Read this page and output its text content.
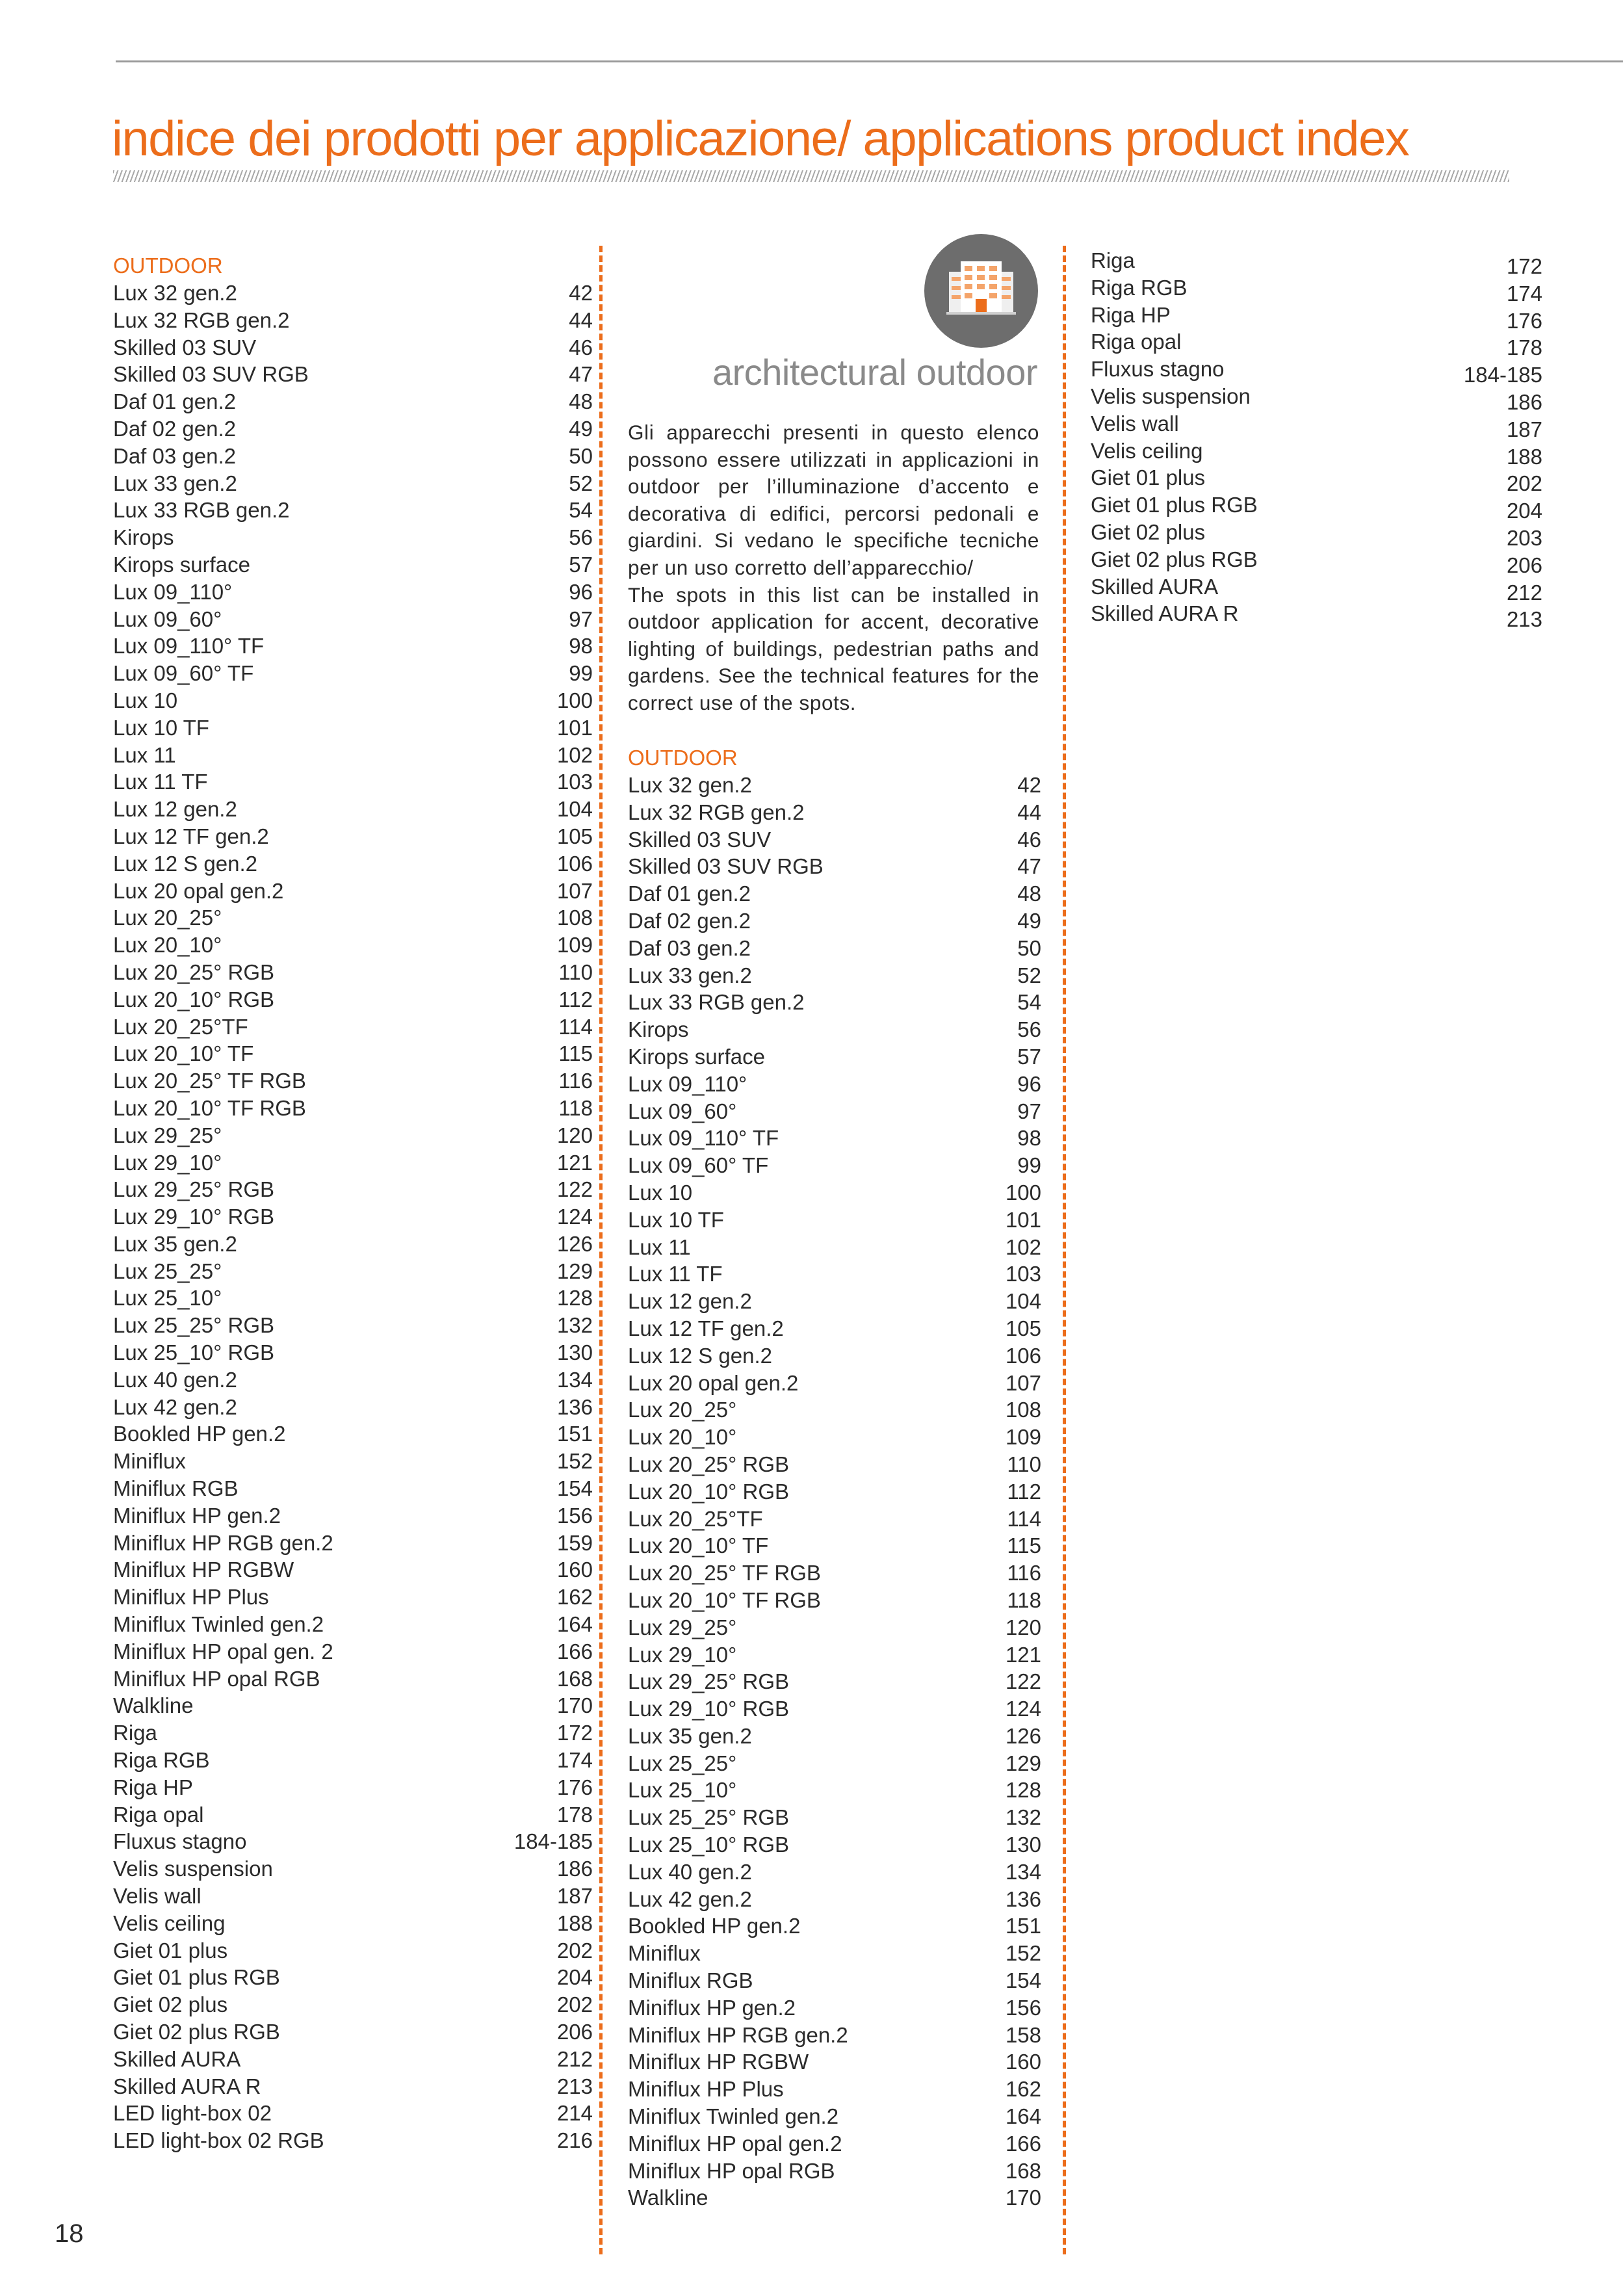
indice dei prodotti per applicazione/ applications product index
OUTDOOR
Lux 32 gen.2	42
Lux 32 RGB gen.2	44
Skilled 03 SUV	46
Skilled 03 SUV RGB	47
Daf 01 gen.2	48
Daf 02 gen.2	49
Daf 03 gen.2	50
Lux 33 gen.2	52
Lux 33 RGB gen.2	54
Kirops	56
Kirops surface	57
Lux 09_110°	96
Lux 09_60°	97
Lux 09_110° TF	98
Lux 09_60° TF	99
Lux 10	100
Lux 10 TF	101
Lux 11	102
Lux 11 TF	103
Lux 12 gen.2	104
Lux 12 TF gen.2	105
Lux 12 S gen.2	106
Lux 20 opal gen.2	107
Lux 20_25°	108
Lux 20_10°	109
Lux 20_25° RGB	110
Lux 20_10° RGB	112
Lux 20_25°TF	114
Lux 20_10° TF	115
Lux 20_25° TF RGB	116
Lux 20_10° TF RGB	118
Lux 29_25°	120
Lux 29_10°	121
Lux 29_25° RGB	122
Lux 29_10° RGB	124
Lux 35 gen.2	126
Lux 25_25°	129
Lux 25_10°	128
Lux 25_25° RGB	132
Lux 25_10° RGB	130
Lux 40 gen.2	134
Lux 42 gen.2	136
Bookled HP gen.2	151
Miniflux	152
Miniflux RGB	154
Miniflux HP gen.2	156
Miniflux HP RGB gen.2	159
Miniflux HP RGBW	160
Miniflux HP Plus	162
Miniflux Twinled gen.2	164
Miniflux HP opal gen. 2	166
Miniflux HP opal RGB	168
Walkline	170
Riga	172
Riga RGB	174
Riga HP	176
Riga opal	178
Fluxus stagno	184-185
Velis suspension	186
Velis wall	187
Velis ceiling	188
Giet 01 plus	202
Giet 01 plus RGB	204
Giet 02 plus	202
Giet 02 plus RGB	206
Skilled AURA	212
Skilled AURA R	213
LED light-box 02	214
LED light-box 02 RGB	216
architectural outdoor

Gli apparecchi presenti in questo elenco possono essere utilizzati in applicazioni in outdoor per l’illuminazione d’accento e decorativa di edifici, percorsi pedonali e giardini. Si vedano le specifiche tecniche per un uso corretto dell’apparecchio/
The spots in this list can be installed in outdoor application for accent, decorative lighting of buildings, pedestrian paths and gardens. See the technical features for the correct use of the spots.

OUTDOOR
Lux 32 gen.2	42
Lux 32 RGB gen.2	44
Skilled 03 SUV	46
Skilled 03 SUV RGB	47
Daf 01 gen.2	48
Daf 02 gen.2	49
Daf 03 gen.2	50
Lux 33 gen.2	52
Lux 33 RGB gen.2	54
Kirops	56
Kirops surface	57
Lux 09_110°	96
Lux 09_60°	97
Lux 09_110° TF	98
Lux 09_60° TF	99
Lux 10	100
Lux 10 TF	101
Lux 11	102
Lux 11 TF	103
Lux 12 gen.2	104
Lux 12 TF gen.2	105
Lux 12 S gen.2	106
Lux 20 opal gen.2	107
Lux 20_25°	108
Lux 20_10°	109
Lux 20_25° RGB	110
Lux 20_10° RGB	112
Lux 20_25°TF	114
Lux 20_10° TF	115
Lux 20_25° TF RGB	116
Lux 20_10° TF RGB	118
Lux 29_25°	120
Lux 29_10°	121
Lux 29_25° RGB	122
Lux 29_10° RGB	124
Lux 35 gen.2	126
Lux 25_25°	129
Lux 25_10°	128
Lux 25_25° RGB	132
Lux 25_10° RGB	130
Lux 40 gen.2	134
Lux 42 gen.2	136
Bookled HP gen.2	151
Miniflux	152
Miniflux RGB	154
Miniflux HP gen.2	156
Miniflux HP RGB gen.2	158
Miniflux HP RGBW	160
Miniflux HP Plus	162
Miniflux Twinled gen.2	164
Miniflux HP opal gen.2	166
Miniflux HP opal RGB	168
Walkline	170
Riga	172
Riga RGB	174
Riga HP	176
Riga opal	178
Fluxus stagno	184-185
Velis suspension	186
Velis wall	187
Velis ceiling	188
Giet 01 plus	202
Giet 01 plus RGB	204
Giet 02 plus	203
Giet 02 plus RGB	206
Skilled AURA	212
Skilled AURA R	213
18
